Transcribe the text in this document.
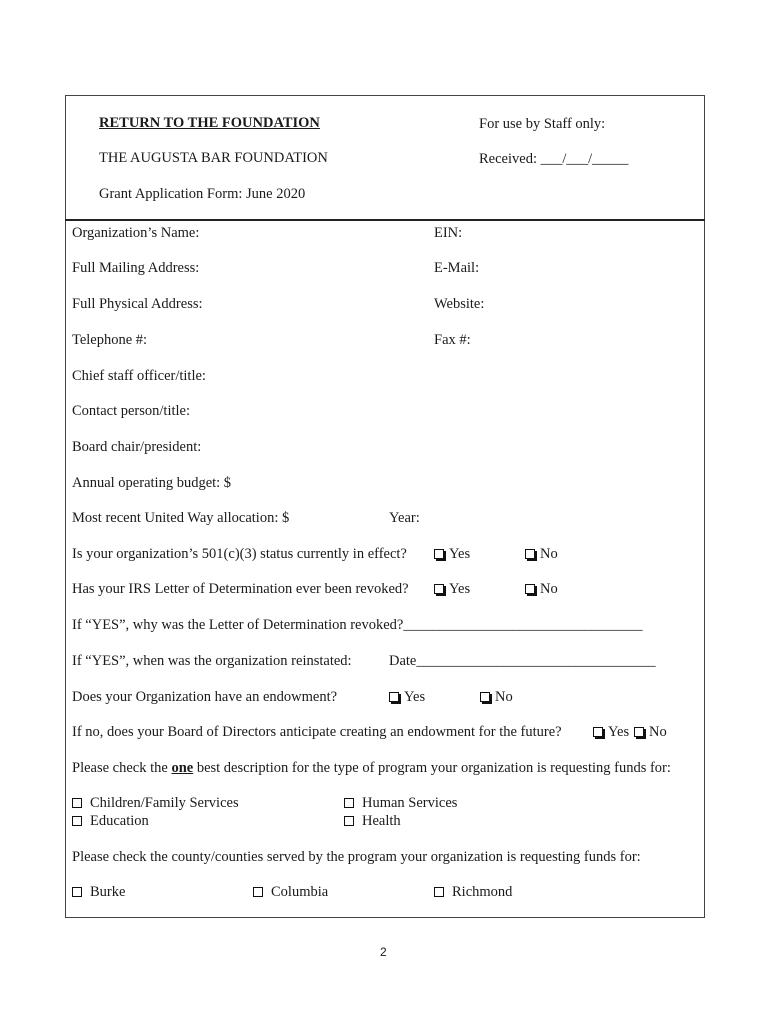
RETURN TO THE FOUNDATION
THE AUGUSTA BAR FOUNDATION
Grant Application Form: June 2020
For use by Staff only:
Received: ___/___/_____
Organization’s Name:	EIN:
Full Mailing Address:	E-Mail:
Full Physical Address:	Website:
Telephone #:	Fax #:
Chief staff officer/title:
Contact person/title:
Board chair/president:
Annual operating budget: $
Most recent United Way allocation: $	Year:
Is your organization’s 501(c)(3) status currently in effect?	Yes	No
Has your IRS Letter of Determination ever been revoked?	Yes	No
If “YES”, why was the Letter of Determination revoked?_________________________________
If “YES”, when was the organization reinstated:	Date_________________________________
Does your Organization have an endowment?	Yes	No
If no, does your Board of Directors anticipate creating an endowment for the future?	Yes	No
Please check the one best description for the type of program your organization is requesting funds for:
Children/Family Services	Human Services
Education	Health
Please check the county/counties served by the program your organization is requesting funds for:
Burke	Columbia	Richmond
2
